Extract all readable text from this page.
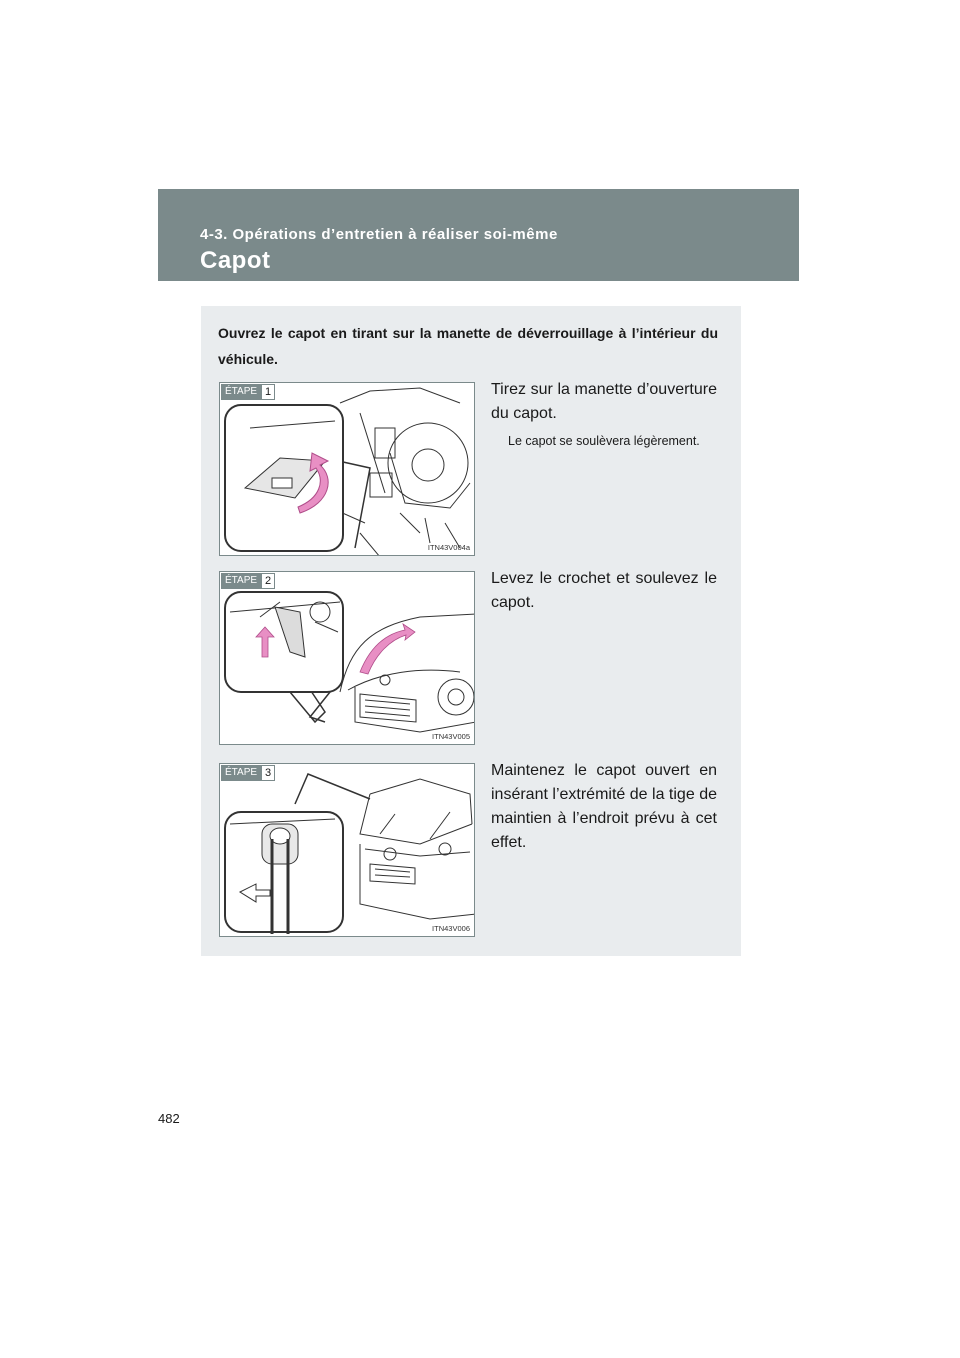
4-3. Opérations d’entretien à réaliser soi-même
Capot
Ouvrez le capot en tirant sur la manette de déverrouillage à l’intérieur du véhicule.
ÉTAPE 1
ITN43V004a
Tirez sur la manette d’ouverture du capot.
Le capot se soulèvera légèrement.
ÉTAPE 2
ITN43V005
Levez le crochet et soulevez le capot.
ÉTAPE 3
ITN43V006
Maintenez le capot ouvert en insérant l’extrémité de la tige de maintien à l’endroit prévu à cet effet.
482
